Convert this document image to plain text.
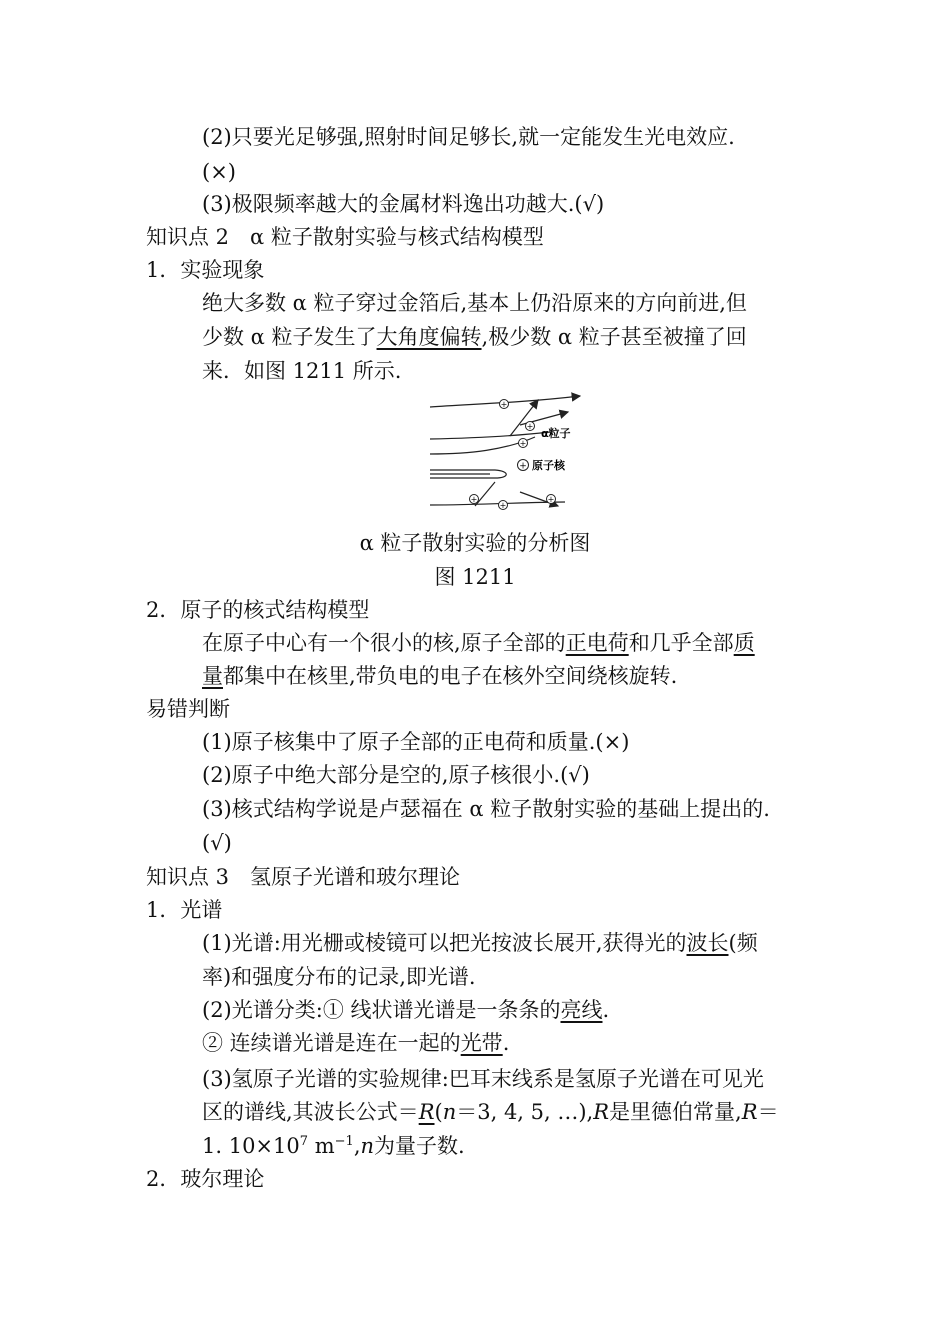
(2)只要光足够强,照射时间足够长,就一定能发生光电效应.
(×)
(3)极限频率越大的金属材料逸出功越大.(√)
知识点 2　α 粒子散射实验与核式结构模型
1．实验现象
绝大多数 α 粒子穿过金箔后,基本上仍沿原来的方向前进,但
少数 α 粒子发生了大角度偏转,极少数 α 粒子甚至被撞了回
来．如图 1211 所示.
+
+
+
+
+
+
+
α粒子
原子核
α 粒子散射实验的分析图
图 1211
2．原子的核式结构模型
在原子中心有一个很小的核,原子全部的正电荷和几乎全部质
量都集中在核里,带负电的电子在核外空间绕核旋转.
易错判断
(1)原子核集中了原子全部的正电荷和质量.(×)
(2)原子中绝大部分是空的,原子核很小.(√)
(3)核式结构学说是卢瑟福在 α 粒子散射实验的基础上提出的.
(√)
知识点 3　氢原子光谱和玻尔理论
1．光谱
(1)光谱:用光栅或棱镜可以把光按波长展开,获得光的波长(频
率)和强度分布的记录,即光谱.
(2)光谱分类:① 线状谱光谱是一条条的亮线.
② 连续谱光谱是连在一起的光带.
(3)氢原子光谱的实验规律:巴耳末线系是氢原子光谱在可见光
区的谱线,其波长公式＝R(n＝3, 4, 5, …),R是里德伯常量,R＝
1. $10\times 10^7$ $m^{-1},n$为量子数.
2．玻尔理论
